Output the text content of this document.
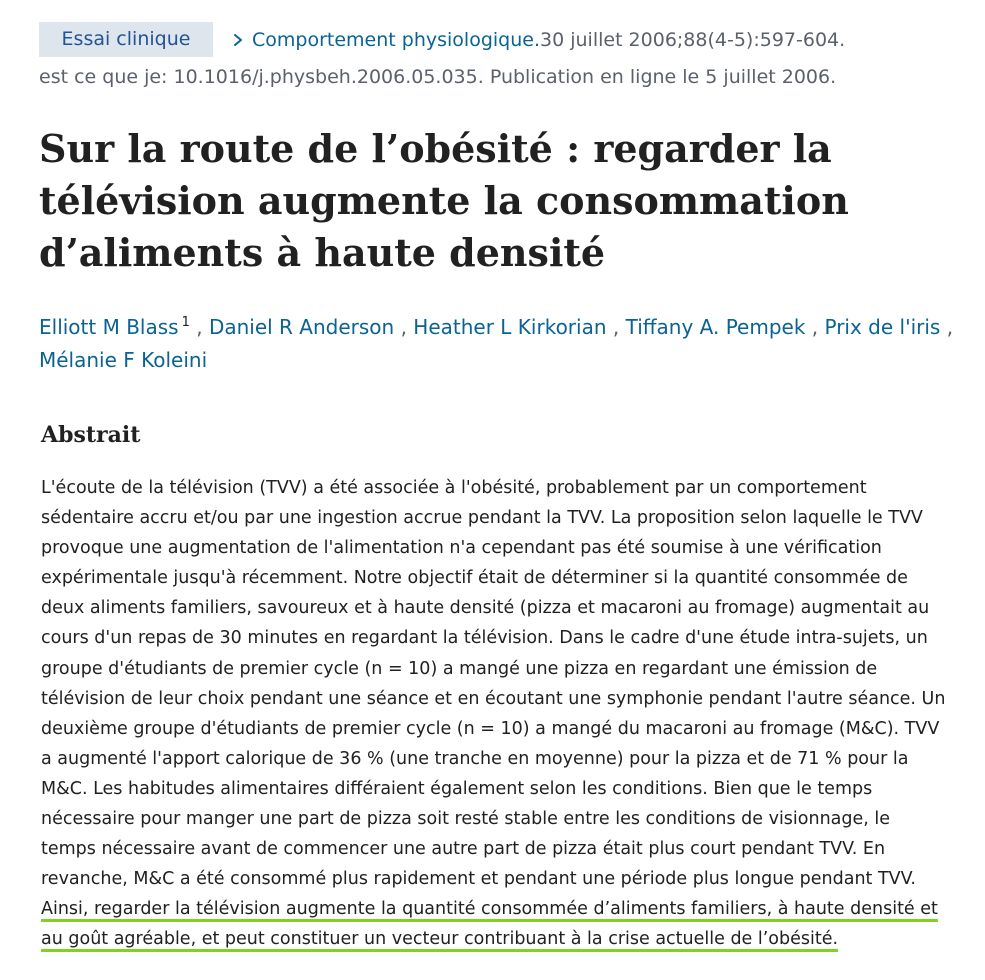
Essai clinique	Comportement physiologique. 30 juillet 2006;88(4-5):597-604.
est ce que je: 10.1016/j.physbeh.2006.05.035. Publication en ligne le 5 juillet 2006.
Sur la route de l’obésité : regarder la télévision augmente la consommation d’aliments à haute densité
Elliott M Blass $^1$ , Daniel R Anderson , Heather L Kirkorian , Tiffany A. Pempek , Prix de l'iris ,
Mélanie F Koleini
Abstrait
L'écoute de la télévision (TVV) a été associée à l'obésité, probablement par un comportement sédentaire accru et/ou par une ingestion accrue pendant la TVV. La proposition selon laquelle le TVV provoque une augmentation de l'alimentation n'a cependant pas été soumise à une vérification expérimentale jusqu'à récemment. Notre objectif était de déterminer si la quantité consommée de deux aliments familiers, savoureux et à haute densité (pizza et macaroni au fromage) augmentait au cours d'un repas de 30 minutes en regardant la télévision. Dans le cadre d'une étude intra-sujets, un groupe d'étudiants de premier cycle (n = 10) a mangé une pizza en regardant une émission de télévision de leur choix pendant une séance et en écoutant une symphonie pendant l'autre séance. Un deuxième groupe d'étudiants de premier cycle (n = 10) a mangé du macaroni au fromage (M&C). TVV a augmenté l'apport calorique de 36 % (une tranche en moyenne) pour la pizza et de 71 % pour la M&C. Les habitudes alimentaires différaient également selon les conditions. Bien que le temps nécessaire pour manger une part de pizza soit resté stable entre les conditions de visionnage, le temps nécessaire avant de commencer une autre part de pizza était plus court pendant TVV. En revanche, M&C a été consommé plus rapidement et pendant une période plus longue pendant TVV. Ainsi, regarder la télévision augmente la quantité consommée d’aliments familiers, à haute densité et au goût agréable, et peut constituer un vecteur contribuant à la crise actuelle de l’obésité.
